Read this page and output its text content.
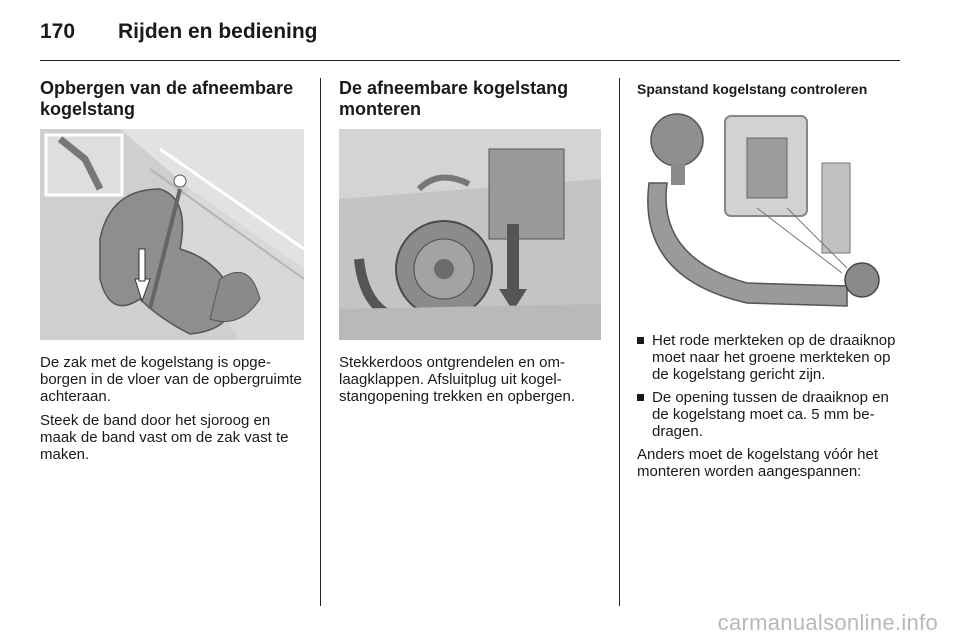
170 Rijden en bediening
Opbergen van de afneembare kogelstang

De zak met de kogelstang is opgeborgen in de vloer van de opbergruimte achteraan.

Steek de band door het sjoroog en maak de band vast om de zak vast te maken.

De afneembare kogelstang monteren

Stekkerdoos ontgrendelen en omlaagklappen. Afsluitplug uit kogelstangopening trekken en opbergen.

Spanstand kogelstang controleren
Het rode merkteken op de draaiknop moet naar het groene merkteken op de kogelstang gericht zijn.
De opening tussen de draaiknop en de kogelstang moet ca. 5 mm bedragen.

Anders moet de kogelstang vóór het monteren worden aangespannen:

carmanualsonline.info
